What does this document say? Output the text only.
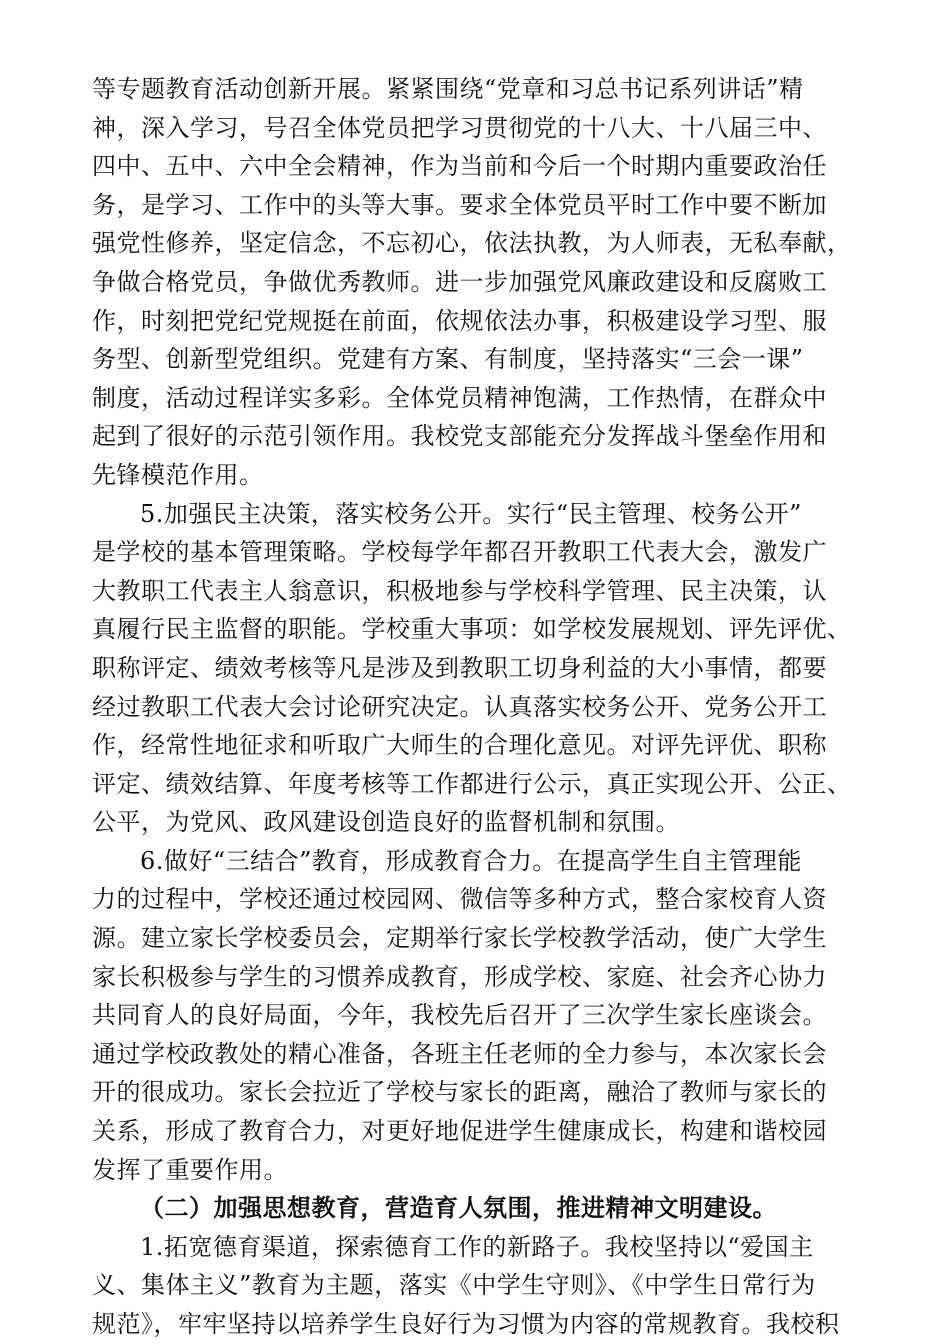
等专题教育活动创新开展。紧紧围绕“党章和习总书记系列讲话”精
神，深入学习，号召全体党员把学习贯彻党的十八大、十八届三中、
四中、五中、六中全会精神，作为当前和今后一个时期内重要政治任
务，是学习、工作中的头等大事。要求全体党员平时工作中要不断加
强党性修养，坚定信念，不忘初心，依法执教，为人师表，无私奉献，
争做合格党员，争做优秀教师。进一步加强党风廉政建设和反腐败工
作，时刻把党纪党规挺在前面，依规依法办事，积极建设学习型、服
务型、创新型党组织。党建有方案、有制度，坚持落实“三会一课”
制度，活动过程详实多彩。全体党员精神饱满，工作热情，在群众中
起到了很好的示范引领作用。我校党支部能充分发挥战斗堡垒作用和
先锋模范作用。
5.加强民主决策，落实校务公开。实行“民主管理、校务公开”
是学校的基本管理策略。学校每学年都召开教职工代表大会，激发广
大教职工代表主人翁意识，积极地参与学校科学管理、民主决策，认
真履行民主监督的职能。学校重大事项：如学校发展规划、评先评优、
职称评定、绩效考核等凡是涉及到教职工切身利益的大小事情，都要
经过教职工代表大会讨论研究决定。认真落实校务公开、党务公开工
作，经常性地征求和听取广大师生的合理化意见。对评先评优、职称
评定、绩效结算、年度考核等工作都进行公示，真正实现公开、公正、
公平，为党风、政风建设创造良好的监督机制和氛围。
6.做好“三结合”教育，形成教育合力。在提高学生自主管理能
力的过程中，学校还通过校园网、微信等多种方式，整合家校育人资
源。建立家长学校委员会，定期举行家长学校教学活动，使广大学生
家长积极参与学生的习惯养成教育，形成学校、家庭、社会齐心协力
共同育人的良好局面，今年，我校先后召开了三次学生家长座谈会。
通过学校政教处的精心准备，各班主任老师的全力参与，本次家长会
开的很成功。家长会拉近了学校与家长的距离，融洽了教师与家长的
关系，形成了教育合力，对更好地促进学生健康成长，构建和谐校园
发挥了重要作用。
（二）加强思想教育，营造育人氛围，推进精神文明建设。
1.拓宽德育渠道，探索德育工作的新路子。我校坚持以“爱国主
义、集体主义”教育为主题，落实《中学生守则》、《中学生日常行为
规范》，牢牢坚持以培养学生良好行为习惯为内容的常规教育。我校积
